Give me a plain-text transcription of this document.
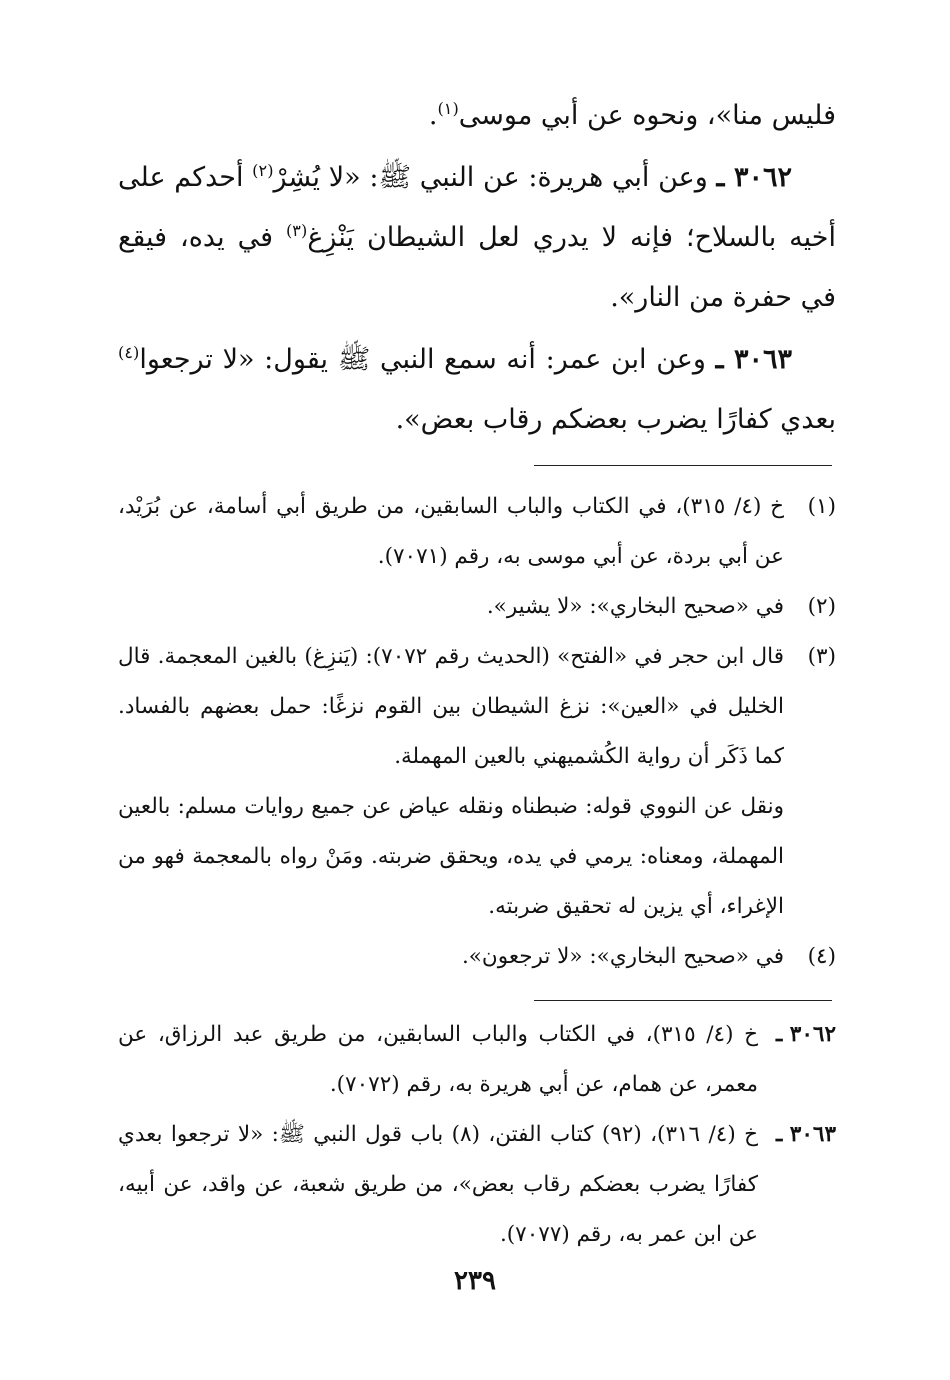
فليس منا»، ونحوه عن أبي موسى$^{(١)}$.

٣٠٦٢ ـ وعن أبي هريرة: عن النبي ﷺ: «لا يُشِرْ$^{(٢)}$ أحدكم على أخيه بالسلاح؛ فإنه لا يدري لعل الشيطان يَنْزِغ$^{(٣)}$ في يده، فيقع في حفرة من النار».

٣٠٦٣ ـ وعن ابن عمر: أنه سمع النبي ﷺ يقول: «لا ترجعوا$^{(٤)}$ بعدي كفارًا يضرب بعضكم رقاب بعض».

(١)

خ (٤/ ٣١٥)، في الكتاب والباب السابقين، من طريق أبي أسامة، عن بُرَيْد، عن أبي بردة، عن أبي موسى به، رقم (٧٠٧١).

(٢)

في «صحيح البخاري»: «لا يشير».

(٣)

قال ابن حجر في «الفتح» (الحديث رقم ٧٠٧٢): (يَنزِغ) بالغين المعجمة. قال الخليل في «العين»: نزغ الشيطان بين القوم نزغًا: حمل بعضهم بالفساد. كما ذَكَر أن رواية الكُشميهني بالعين المهملة.

ونقل عن النووي قوله: ضبطناه ونقله عياض عن جميع روايات مسلم: بالعين المهملة، ومعناه: يرمي في يده، ويحقق ضربته. ومَنْ رواه بالمعجمة فهو من الإغراء، أي يزين له تحقيق ضربته.

(٤)

في «صحيح البخاري»: «لا ترجعون».

٣٠٦٢ ـ

خ (٤/ ٣١٥)، في الكتاب والباب السابقين، من طريق عبد الرزاق، عن معمر، عن همام، عن أبي هريرة به، رقم (٧٠٧٢).

٣٠٦٣ ـ

خ (٤/ ٣١٦)، (٩٢) كتاب الفتن، (٨) باب قول النبي ﷺ: «لا ترجعوا بعدي كفارًا يضرب بعضكم رقاب بعض»، من طريق شعبة، عن واقد، عن أبيه، عن ابن عمر به، رقم (٧٠٧٧).

٢٣٩
